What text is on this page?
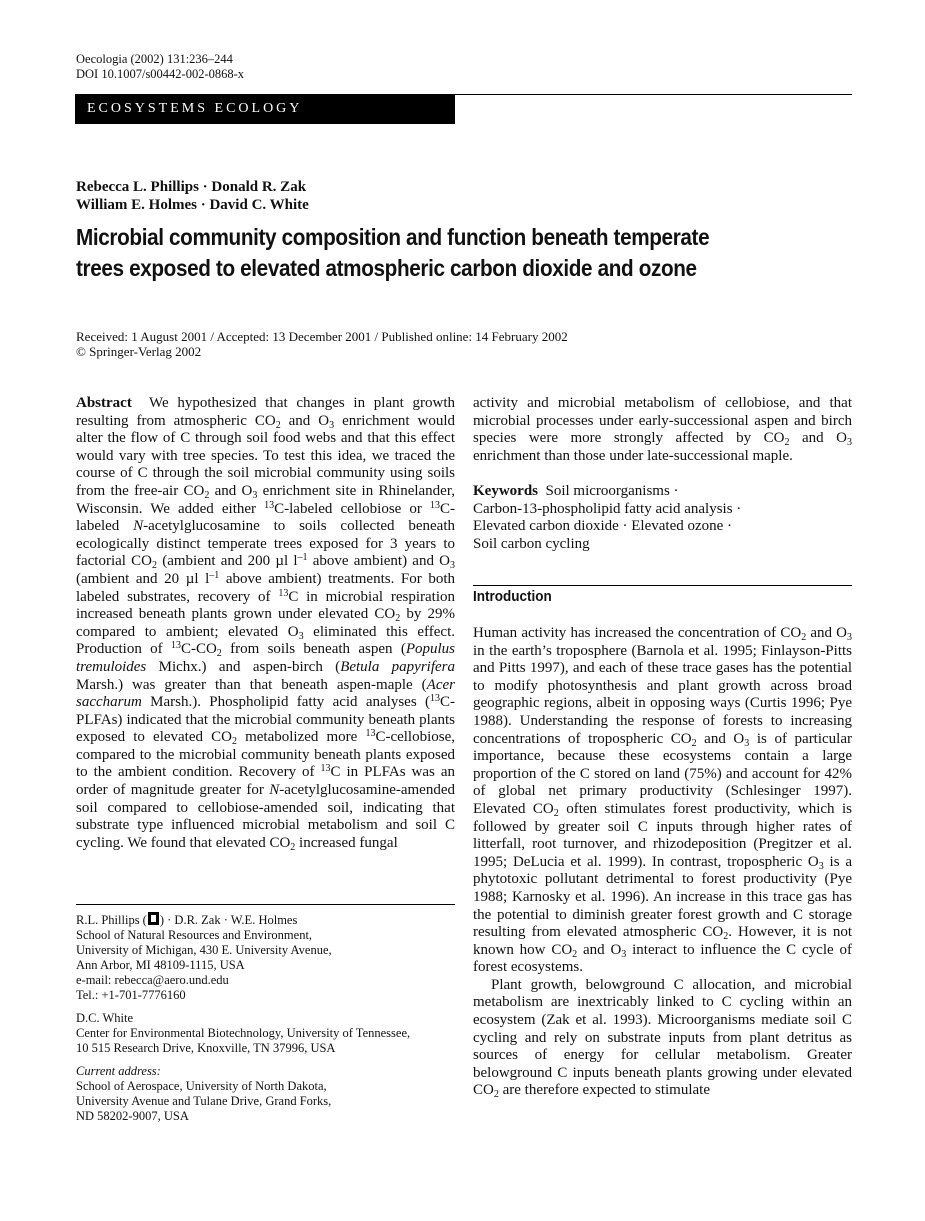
Oecologia (2002) 131:236–244
DOI 10.1007/s00442-002-0868-x
ECOSYSTEMS ECOLOGY
Rebecca L. Phillips · Donald R. Zak
William E. Holmes · David C. White
Microbial community composition and function beneath temperate
trees exposed to elevated atmospheric carbon dioxide and ozone
Received: 1 August 2001 / Accepted: 13 December 2001 / Published online: 14 February 2002
© Springer-Verlag 2002
Abstract  We hypothesized that changes in plant growth resulting from atmospheric $CO_2$ and $O_3$ enrichment would alter the flow of C through soil food webs and that this effect would vary with tree species. To test this idea, we traced the course of C through the soil microbial community using soils from the free-air $CO_2$ and $O_3$ enrichment site in Rhinelander, Wisconsin. We added either $^{13}$C-labeled cellobiose or $^{13}$C-labeled N-acetylglucosamine to soils collected beneath ecologically distinct temperate trees exposed for 3 years to factorial $CO_2$ (ambient and 200 µl $l^{-1}$ above ambient) and $O_3$ (ambient and 20 µl $l^{-1}$ above ambient) treatments. For both labeled substrates, recovery of $^{13}$C in microbial respiration increased beneath plants grown under elevated $CO_2$ by 29% compared to ambient; elevated $O_3$ eliminated this effect. Production of $^{13}C-CO_2$ from soils beneath aspen (Populus tremuloides Michx.) and aspen-birch (Betula papyrifera Marsh.) was greater than that beneath aspen-maple (Acer saccharum Marsh.). Phospholipid fatty acid analyses ($^{13}$C-PLFAs) indicated that the microbial community beneath plants exposed to elevated $CO_2$ metabolized more $^{13}$C-cellobiose, compared to the microbial community beneath plants exposed to the ambient condition. Recovery of $^{13}$C in PLFAs was an order of magnitude greater for N-acetylglucosamine-amended soil compared to cellobiose-amended soil, indicating that substrate type influenced microbial metabolism and soil C cycling. We found that elevated $CO_2$ increased fungal

R.L. Phillips ( ) · D.R. Zak · W.E. Holmes

School of Natural Resources and Environment,

University of Michigan, 430 E. University Avenue,

Ann Arbor, MI 48109-1115, USA

e-mail: rebecca@aero.und.edu

Tel.: +1-701-7776160

D.C. White

Center for Environmental Biotechnology, University of Tennessee,

10 515 Research Drive, Knoxville, TN 37996, USA

Current address:

School of Aerospace, University of North Dakota,

University Avenue and Tulane Drive, Grand Forks,

ND 58202-9007, USA

activity and microbial metabolism of cellobiose, and that microbial processes under early-successional aspen and birch species were more strongly affected by $CO_2$ and $O_3$ enrichment than those under late-successional maple.
Keywords Soil microorganisms ·
Carbon-13-phospholipid fatty acid analysis ·
Elevated carbon dioxide · Elevated ozone ·
Soil carbon cycling
Introduction

Human activity has increased the concentration of $CO_2$ and $O_3$ in the earth’s troposphere (Barnola et al. 1995; Finlayson-Pitts and Pitts 1997), and each of these trace gases has the potential to modify photosynthesis and plant growth across broad geographic regions, albeit in opposing ways (Curtis 1996; Pye 1988). Understanding the response of forests to increasing concentrations of tropospheric $CO_2$ and $O_3$ is of particular importance, because these ecosystems contain a large proportion of the C stored on land (75%) and account for 42% of global net primary productivity (Schlesinger 1997). Elevated $CO_2$ often stimulates forest productivity, which is followed by greater soil C inputs through higher rates of litterfall, root turnover, and rhizodeposition (Pregitzer et al. 1995; DeLucia et al. 1999). In contrast, tropospheric $O_3$ is a phytotoxic pollutant detrimental to forest productivity (Pye 1988; Karnosky et al. 1996). An increase in this trace gas has the potential to diminish greater forest growth and C storage resulting from elevated atmospheric $CO_2$. However, it is not known how $CO_2$ and $O_3$ interact to influence the C cycle of forest ecosystems.

Plant growth, belowground C allocation, and microbial metabolism are inextricably linked to C cycling within an ecosystem (Zak et al. 1993). Microorganisms mediate soil C cycling and rely on substrate inputs from plant detritus as sources of energy for cellular metabolism. Greater belowground C inputs beneath plants growing under elevated $CO_2$ are therefore expected to stimulate
